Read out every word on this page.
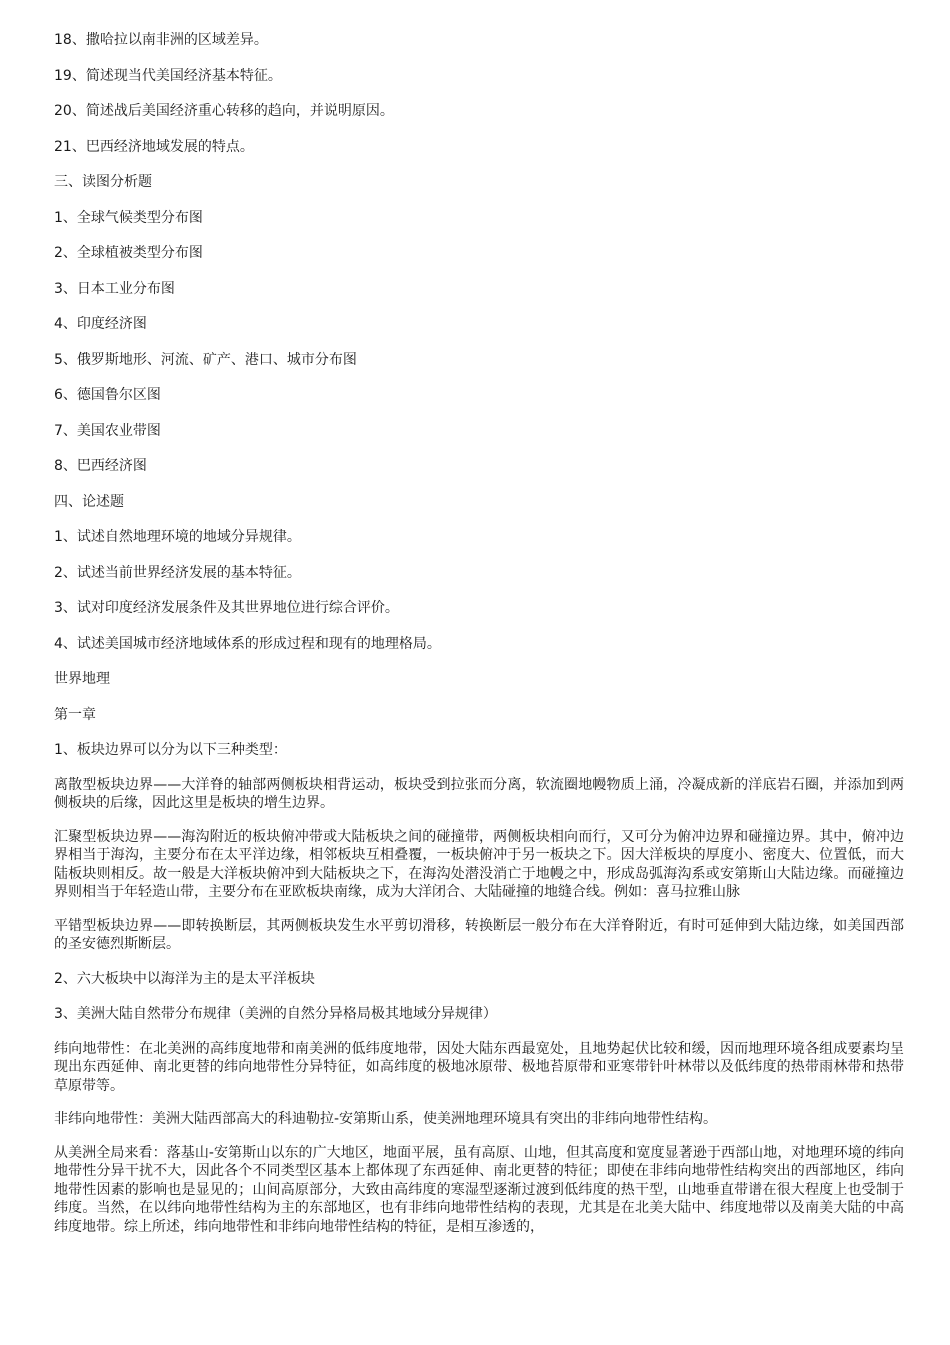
18、撒哈拉以南非洲的区域差异。
19、简述现当代美国经济基本特征。
20、简述战后美国经济重心转移的趋向，并说明原因。
21、巴西经济地域发展的特点。
三、读图分析题
1、全球气候类型分布图
2、全球植被类型分布图
3、日本工业分布图
4、印度经济图
5、俄罗斯地形、河流、矿产、港口、城市分布图
6、德国鲁尔区图
7、美国农业带图
8、巴西经济图
四、论述题
1、试述自然地理环境的地域分异规律。
2、试述当前世界经济发展的基本特征。
3、试对印度经济发展条件及其世界地位进行综合评价。
4、试述美国城市经济地域体系的形成过程和现有的地理格局。
世界地理
第一章
1、板块边界可以分为以下三种类型：

离散型板块边界——大洋脊的轴部两侧板块相背运动，板块受到拉张而分离，软流圈地幔物质上涌，冷凝成新的洋底岩石圈，并添加到两侧板块的后缘，因此这里是板块的增生边界。

汇聚型板块边界——海沟附近的板块俯冲带或大陆板块之间的碰撞带，两侧板块相向而行，又可分为俯冲边界和碰撞边界。其中，俯冲边界相当于海沟，主要分布在太平洋边缘，相邻板块互相叠覆，一板块俯冲于另一板块之下。因大洋板块的厚度小、密度大、位置低，而大陆板块则相反。故一般是大洋板块俯冲到大陆板块之下，在海沟处潜没消亡于地幔之中，形成岛弧海沟系或安第斯山大陆边缘。而碰撞边界则相当于年轻造山带，主要分布在亚欧板块南缘，成为大洋闭合、大陆碰撞的地缝合线。例如：喜马拉雅山脉

平错型板块边界——即转换断层，其两侧板块发生水平剪切滑移，转换断层一般分布在大洋脊附近，有时可延伸到大陆边缘，如美国西部的圣安德烈斯断层。

2、六大板块中以海洋为主的是太平洋板块
3、美洲大陆自然带分布规律（美洲的自然分异格局极其地域分异规律）

纬向地带性：在北美洲的高纬度地带和南美洲的低纬度地带，因处大陆东西最宽处，且地势起伏比较和缓，因而地理环境各组成要素均呈现出东西延伸、南北更替的纬向地带性分异特征，如高纬度的极地冰原带、极地苔原带和亚寒带针叶林带以及低纬度的热带雨林带和热带草原带等。

非纬向地带性：美洲大陆西部高大的科迪勒拉-安第斯山系，使美洲地理环境具有突出的非纬向地带性结构。

从美洲全局来看：落基山-安第斯山以东的广大地区，地面平展，虽有高原、山地，但其高度和宽度显著逊于西部山地，对地理环境的纬向地带性分异干扰不大，因此各个不同类型区基本上都体现了东西延伸、南北更替的特征；即使在非纬向地带性结构突出的西部地区，纬向地带性因素的影响也是显见的；山间高原部分，大致由高纬度的寒湿型逐渐过渡到低纬度的热干型，山地垂直带谱在很大程度上也受制于纬度。当然，在以纬向地带性结构为主的东部地区，也有非纬向地带性结构的表现，尤其是在北美大陆中、纬度地带以及南美大陆的中高纬度地带。综上所述，纬向地带性和非纬向地带性结构的特征，是相互渗透的，
